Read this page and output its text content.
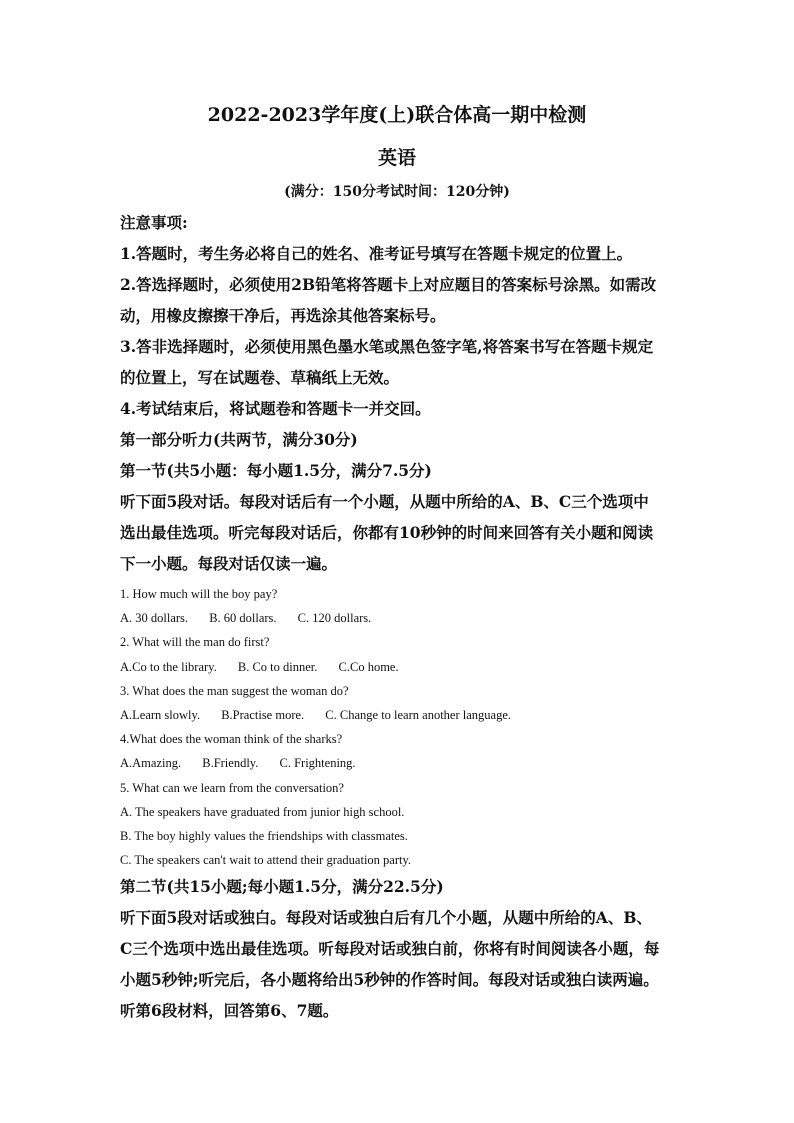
2022-2023学年度(上)联合体高一期中检测
英语
(满分：150分考试时间：120分钟)
注意事项:
1.答题时，考生务必将自己的姓名、准考证号填写在答题卡规定的位置上。
2.答选择题时，必须使用2B铅笔将答题卡上对应题目的答案标号涂黑。如需改
动，用橡皮擦擦干净后，再选涂其他答案标号。
3.答非选择题时，必须使用黑色墨水笔或黑色签字笔,将答案书写在答题卡规定
的位置上，写在试题卷、草稿纸上无效。
4.考试结束后，将试题卷和答题卡一并交回。
第一部分听力(共两节，满分30分)
第一节(共5小题：每小题1.5分，满分7.5分)
听下面5段对话。每段对话后有一个小题，从题中所给的A、B、C三个选项中
选出最佳选项。听完每段对话后，你都有10秒钟的时间来回答有关小题和阅读
下一小题。每段对话仅读一遍。
1. How much will the boy pay?
A. 30 dollars. B. 60 dollars. C. 120 dollars.
2. What will the man do first?
A.Co to the library. B. Co to dinner. C.Co home.
3. What does the man suggest the woman do?
A.Learn slowly. B.Practise more. C. Change to learn another language.
4.What does the woman think of the sharks?
A.Amazing. B.Friendly. C. Frightening.
5. What can we learn from the conversation?
A. The speakers have graduated from junior high school.
B. The boy highly values the friendships with classmates.
C. The speakers can't wait to attend their graduation party.
第二节(共15小题;每小题1.5分，满分22.5分)
听下面5段对话或独白。每段对话或独白后有几个小题，从题中所给的A、B、
C三个选项中选出最佳选项。听每段对话或独白前，你将有时间阅读各小题，每
小题5秒钟;听完后，各小题将给出5秒钟的作答时间。每段对话或独白读两遍。
听第6段材料，回答第6、7题。
